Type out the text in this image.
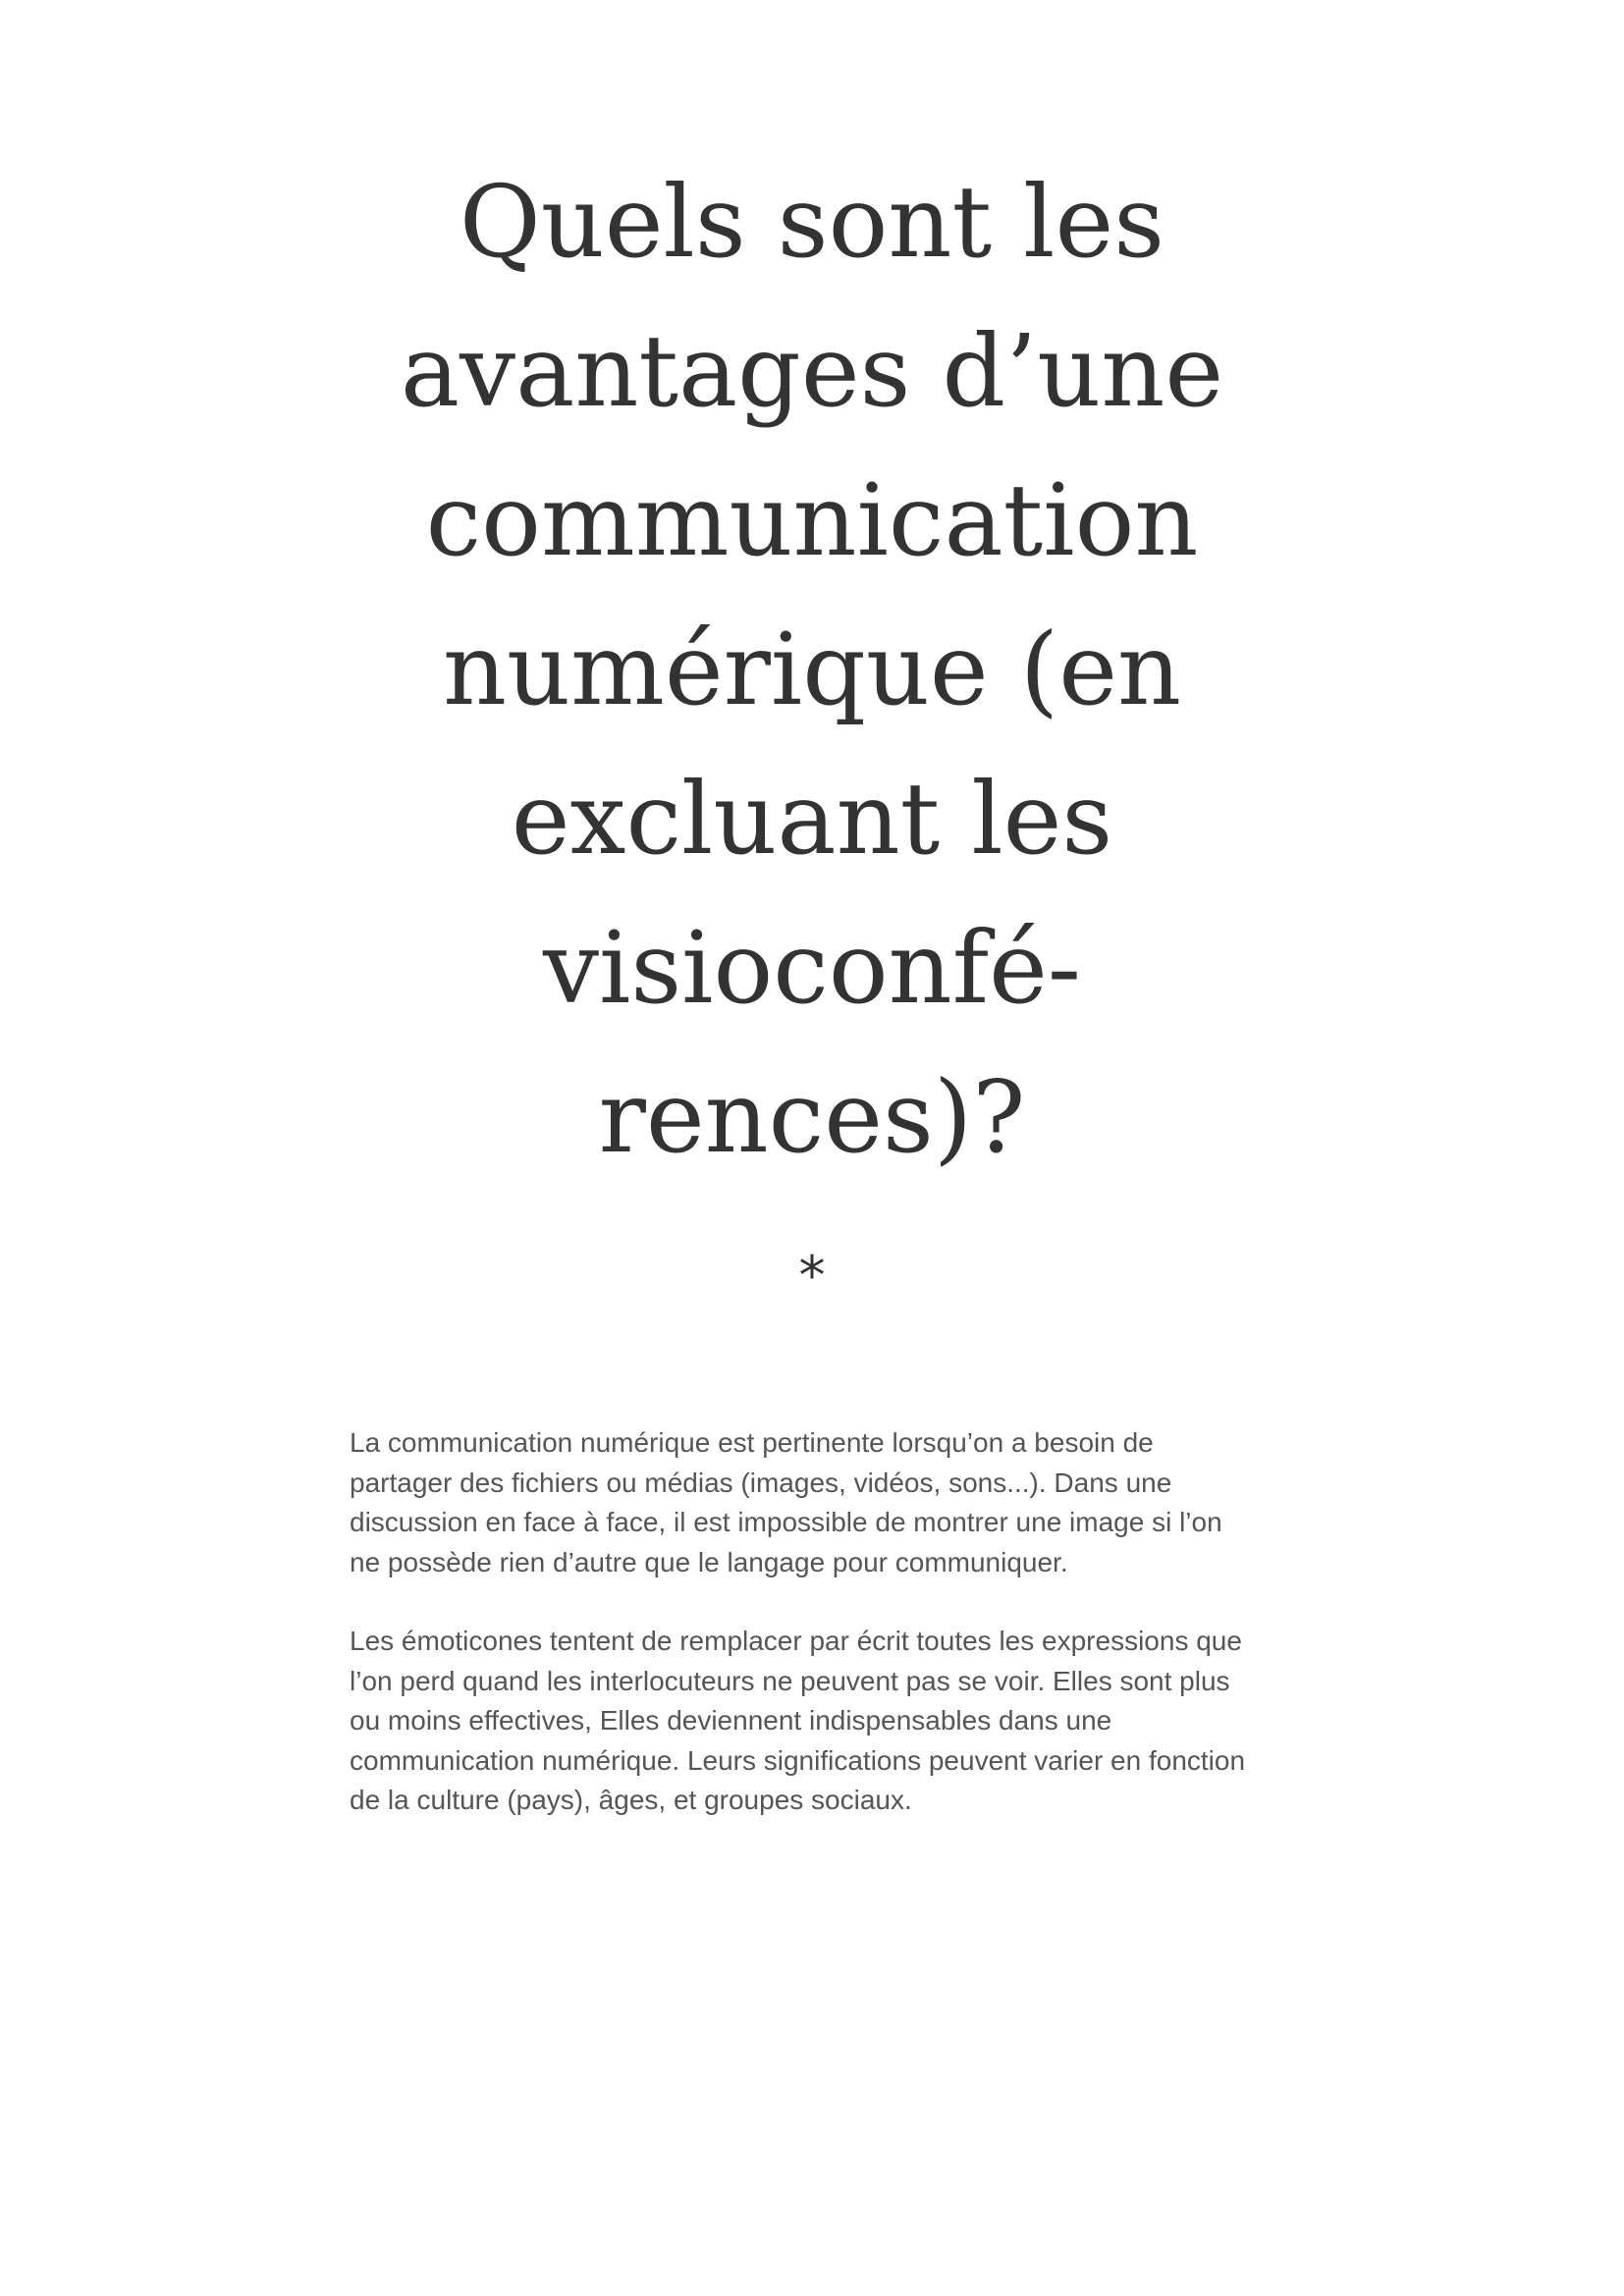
Quels sont les
avantages d’une
communication
numérique (en
excluant les
visioconfé-
rences)?
*

La communication numérique est pertinente lorsqu’on a besoin de
partager des fichiers ou médias (images, vidéos, sons...). Dans une
discussion en face à face, il est impossible de montrer une image si l’on
ne possède rien d’autre que le langage pour communiquer.

Les émoticones tentent de remplacer par écrit toutes les expressions que
l’on perd quand les interlocuteurs ne peuvent pas se voir. Elles sont plus
ou moins effectives, Elles deviennent indispensables dans une
communication numérique. Leurs significations peuvent varier en fonction
de la culture (pays), âges, et groupes sociaux.
